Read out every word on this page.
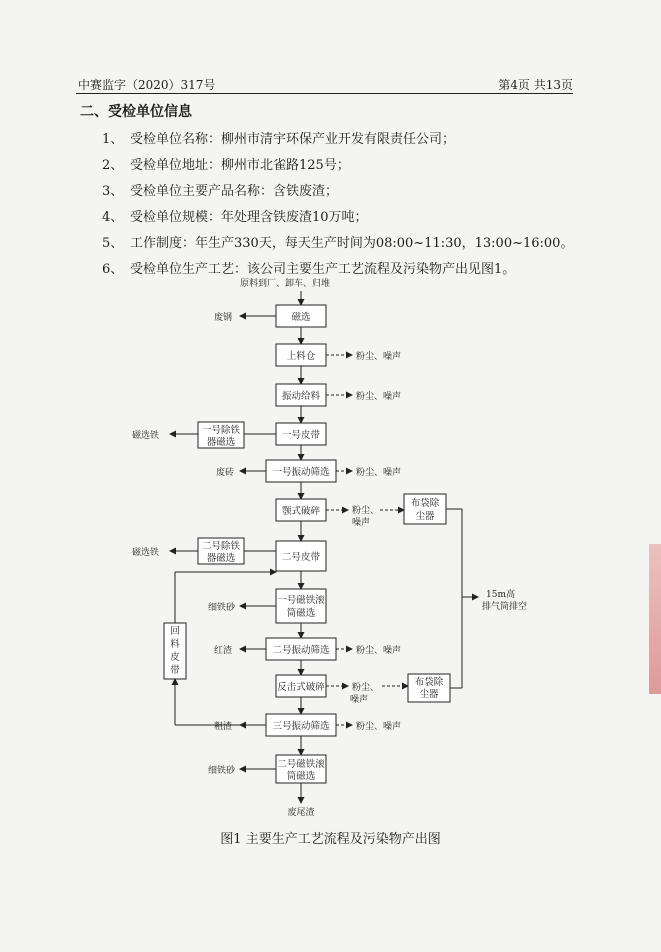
中赛监字（2020）317号	第4页 共13页
二、受检单位信息
1、 受检单位名称：柳州市清宇环保产业开发有限责任公司；
2、 受检单位地址：柳州市北雀路125号；
3、 受检单位主要产品名称：含铁废渣；
4、 受检单位规模：年处理含铁废渣10万吨；
5、 工作制度：年生产330天，每天生产时间为08:00~11:30，13:00~16:00。
6、 受检单位生产工艺：该公司主要生产工艺流程及污染物产出见图1。
原料到厂、卸车、归堆
磁选
上料仓
振动给料
一号皮带
一号振动筛选
颚式破碎
二号皮带
一号磁铁滚
筒磁选
二号振动筛选
反击式破碎
三号振动筛选
二号磁铁滚
筒磁选
废尾渣
废钢
一号除铁
器磁选
磁选铁
废砖
二号除铁
器磁选
磁选铁
细铁砂
红渣
粗渣
细铁砂
回
料
皮
带
粉尘、噪声
粉尘、噪声
粉尘、噪声
粉尘、噪声
粉尘、噪声
粉尘、
噪声
布袋除
尘器
粉尘、
噪声
布袋除
尘器
15m高
排气筒排空
图1 主要生产工艺流程及污染物产出图
